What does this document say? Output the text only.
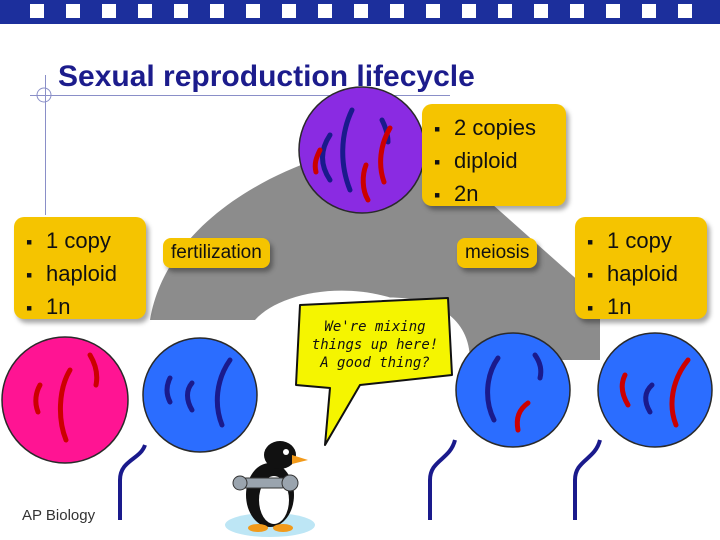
Sexual reproduction lifecycle
▪ 2 copies
▪ diploid
▪ 2n
▪ 1 copy
▪ haploid
▪ 1n
▪ 1 copy
▪ haploid
▪ 1n
fertilization	meiosis
We're mixing
things up here!
A good thing?
AP Biology
